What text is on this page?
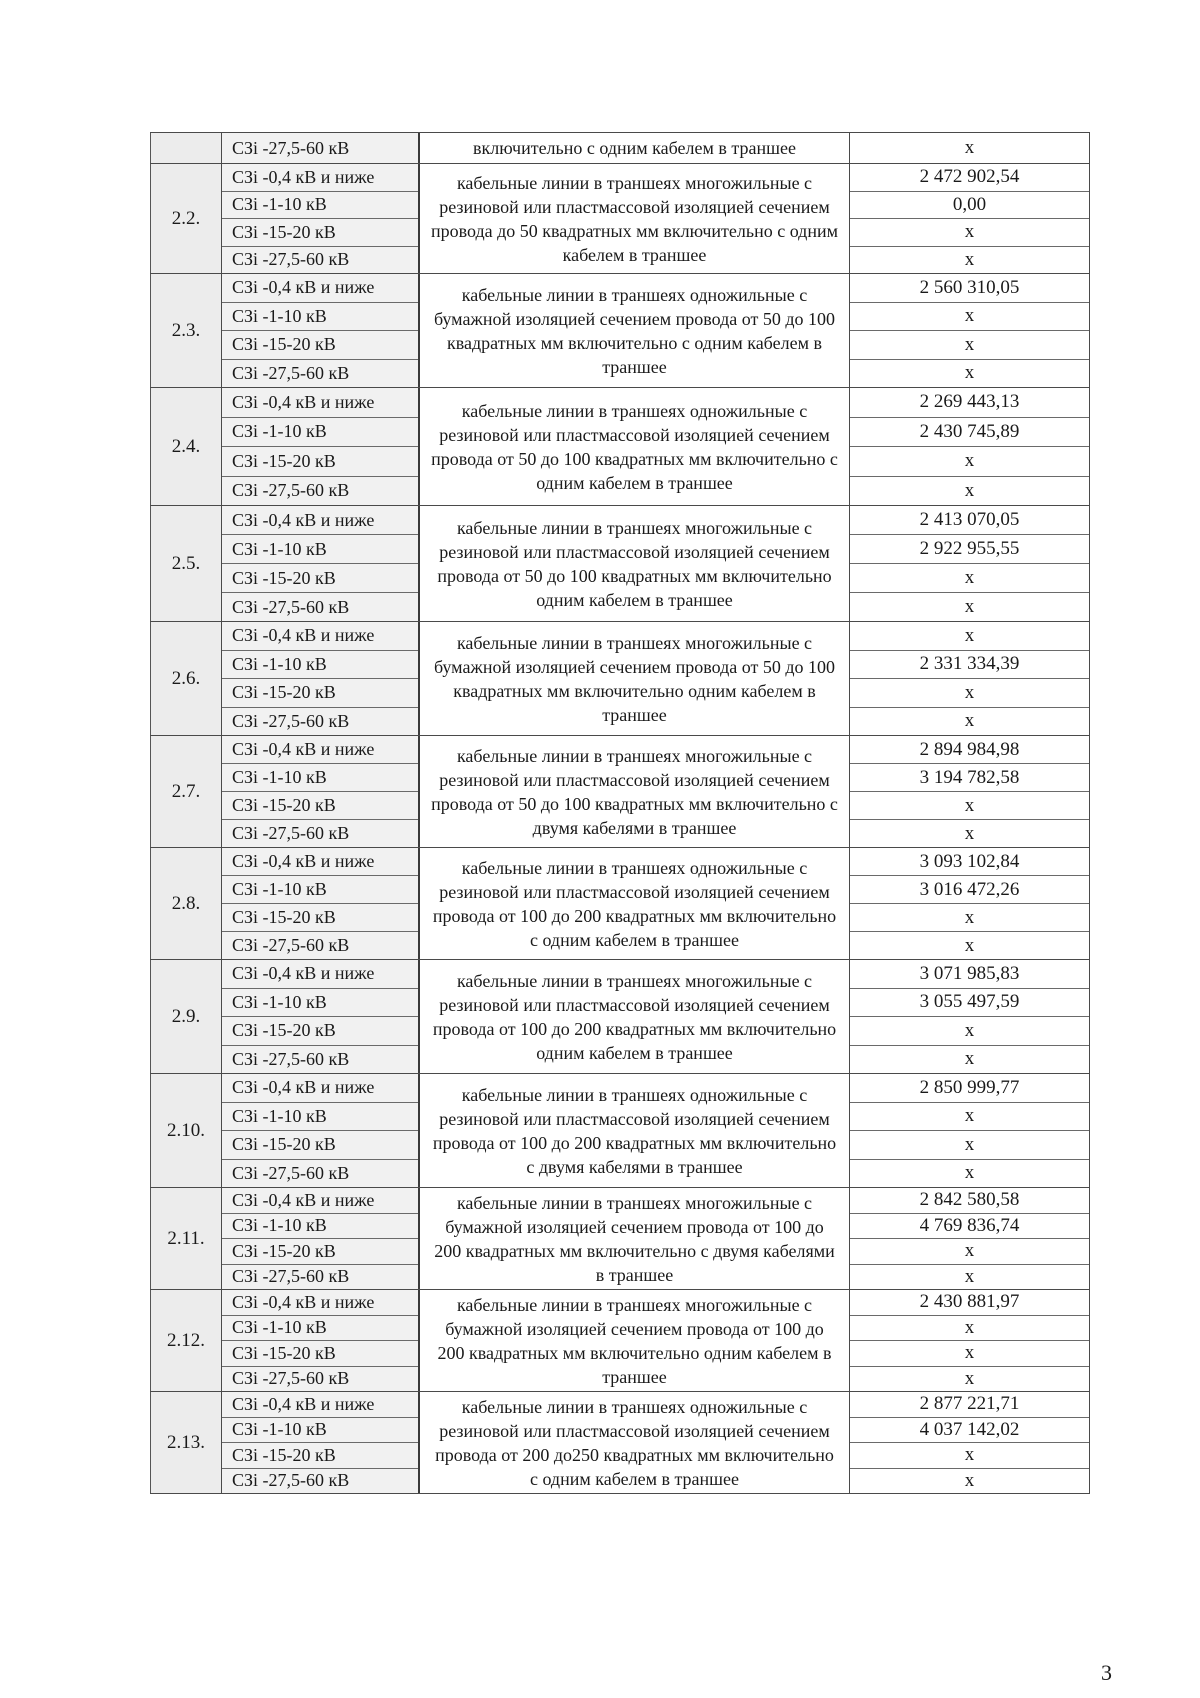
СЗі -27,5-60 кВ	включительно с одним кабелем в траншее	х
2.2.
СЗі -0,4 кВ и ниже
СЗі -1-10 кВ
СЗі -15-20 кВ
СЗі -27,5-60 кВ
кабельные линии в траншеях многожильные с резиновой или пластмассовой изоляцией сечением провода до 50 квадратных мм включительно с одним кабелем в траншее
2 472 902,54
0,00
х
х
2.3.
СЗі -0,4 кВ и ниже
СЗі -1-10 кВ
СЗі -15-20 кВ
СЗі -27,5-60 кВ
кабельные линии в траншеях одножильные с бумажной изоляцией сечением провода от 50 до 100 квадратных мм включительно с одним кабелем в траншее
2 560 310,05
х
х
х
2.4.
СЗі -0,4 кВ и ниже
СЗі -1-10 кВ
СЗі -15-20 кВ
СЗі -27,5-60 кВ
кабельные линии в траншеях одножильные с резиновой или пластмассовой изоляцией сечением провода от 50 до 100 квадратных мм включительно с одним кабелем в траншее
2 269 443,13
2 430 745,89
х
х
2.5.
СЗі -0,4 кВ и ниже
СЗі -1-10 кВ
СЗі -15-20 кВ
СЗі -27,5-60 кВ
кабельные линии в траншеях многожильные с резиновой или пластмассовой изоляцией сечением провода от 50 до 100 квадратных мм включительно одним кабелем в траншее
2 413 070,05
2 922 955,55
х
х
2.6.
СЗі -0,4 кВ и ниже
СЗі -1-10 кВ
СЗі -15-20 кВ
СЗі -27,5-60 кВ
кабельные линии в траншеях многожильные с бумажной изоляцией сечением провода от 50 до 100 квадратных мм включительно одним кабелем в траншее
х
2 331 334,39
х
х
2.7.
СЗі -0,4 кВ и ниже
СЗі -1-10 кВ
СЗі -15-20 кВ
СЗі -27,5-60 кВ
кабельные линии в траншеях многожильные с резиновой или пластмассовой изоляцией сечением провода от 50 до 100 квадратных мм включительно с двумя кабелями в траншее
2 894 984,98
3 194 782,58
х
х
2.8.
СЗі -0,4 кВ и ниже
СЗі -1-10 кВ
СЗі -15-20 кВ
СЗі -27,5-60 кВ
кабельные линии в траншеях одножильные с резиновой или пластмассовой изоляцией сечением провода от 100 до 200 квадратных мм включительно с одним кабелем в траншее
3 093 102,84
3 016 472,26
х
х
2.9.
СЗі -0,4 кВ и ниже
СЗі -1-10 кВ
СЗі -15-20 кВ
СЗі -27,5-60 кВ
кабельные линии в траншеях многожильные с резиновой или пластмассовой изоляцией сечением провода от 100 до 200 квадратных мм включительно одним кабелем в траншее
3 071 985,83
3 055 497,59
х
х
2.10.
СЗі -0,4 кВ и ниже
СЗі -1-10 кВ
СЗі -15-20 кВ
СЗі -27,5-60 кВ
кабельные линии в траншеях одножильные с резиновой или пластмассовой изоляцией сечением провода от 100 до 200 квадратных мм включительно с двумя кабелями в траншее
2 850 999,77
х
х
х
2.11.
СЗі -0,4 кВ и ниже
СЗі -1-10 кВ
СЗі -15-20 кВ
СЗі -27,5-60 кВ
кабельные линии в траншеях многожильные с бумажной изоляцией сечением провода от 100 до 200 квадратных мм включительно с двумя кабелями в траншее
2 842 580,58
4 769 836,74
х
х
2.12.
СЗі -0,4 кВ и ниже
СЗі -1-10 кВ
СЗі -15-20 кВ
СЗі -27,5-60 кВ
кабельные линии в траншеях многожильные с бумажной изоляцией сечением провода от 100 до 200 квадратных мм включительно одним кабелем в траншее
2 430 881,97
х
х
х
2.13.
СЗі -0,4 кВ и ниже
СЗі -1-10 кВ
СЗі -15-20 кВ
СЗі -27,5-60 кВ
кабельные линии в траншеях одножильные с резиновой или пластмассовой изоляцией сечением провода от 200 до250 квадратных мм включительно с одним кабелем в траншее
2 877 221,71
4 037 142,02
х
х
3
